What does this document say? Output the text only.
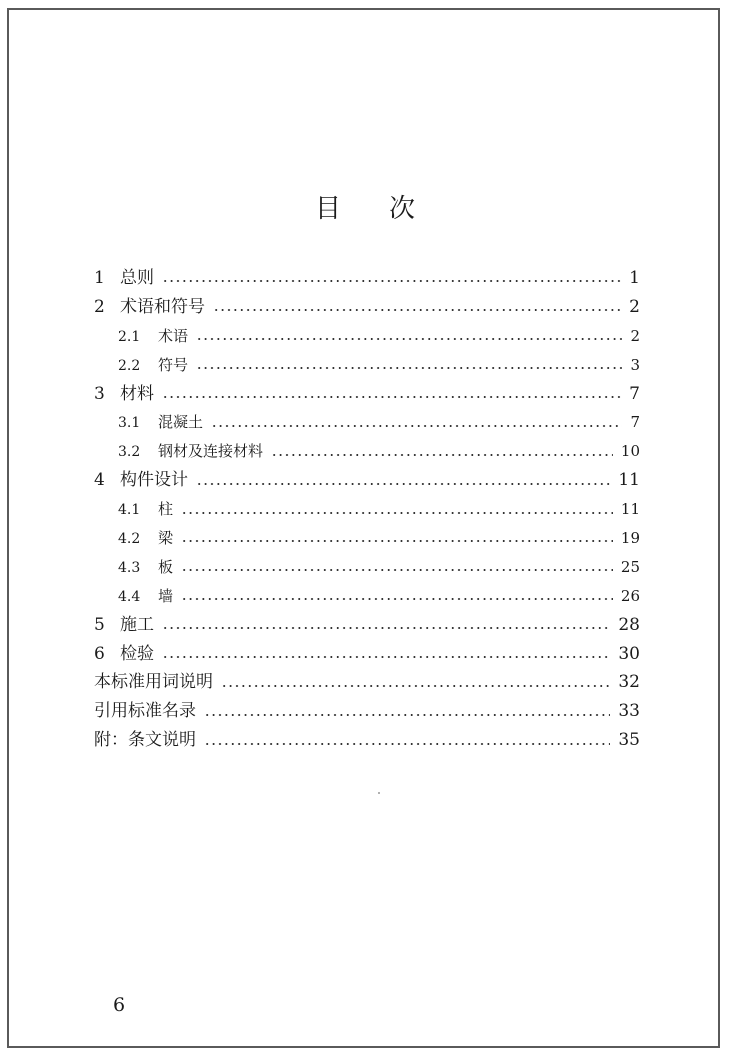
目 次
1 总则	1
2 术语和符号	2
2.1	术语	2
2.2	符号	3
3 材料	7
3.1	混凝土	7
3.2	钢材及连接材料	10
4 构件设计	11
4.1	柱	11
4.2	梁	19
4.3	板	25
4.4	墙	26
5 施工	28
6 检验	30
本标准用词说明	32
引用标准名录	33
附：条文说明	35
6
